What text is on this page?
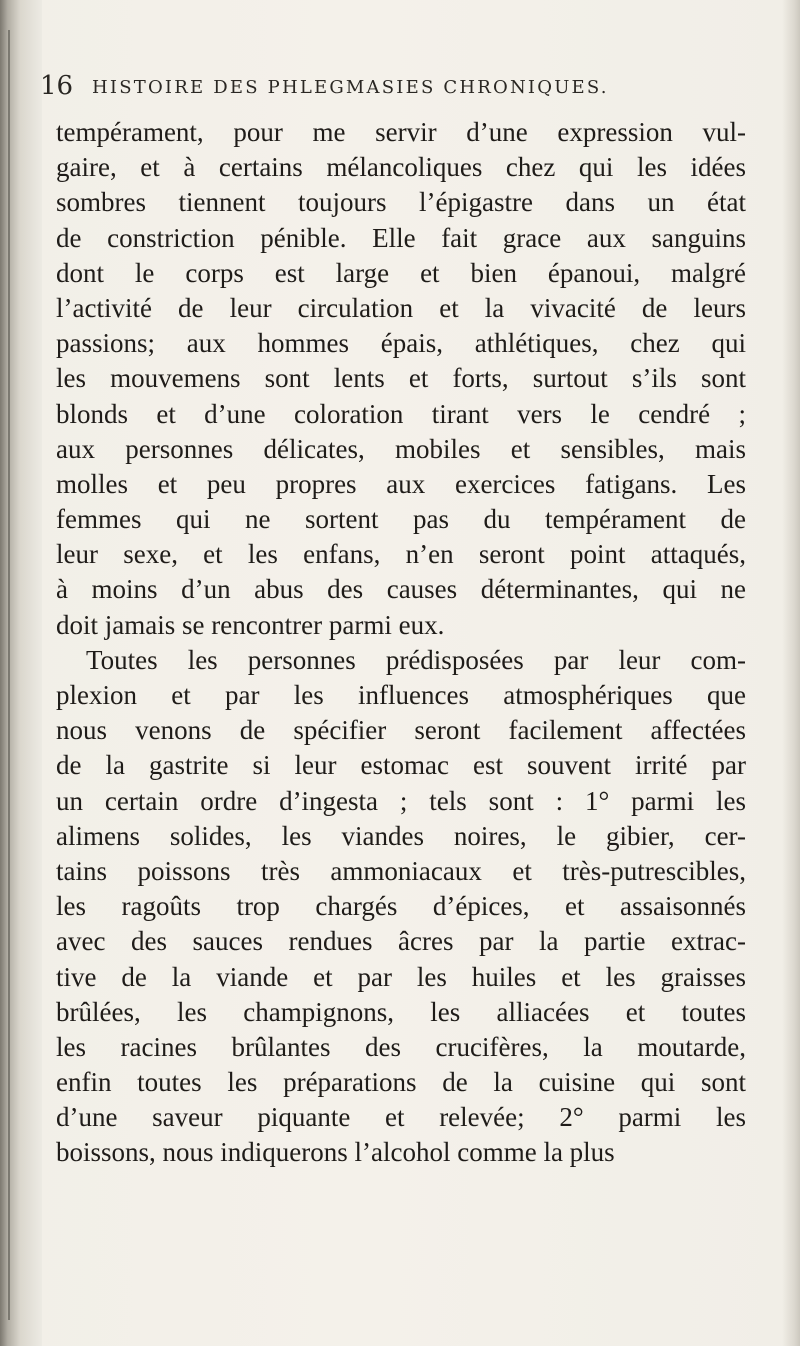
16 HISTOIRE DES PHLEGMASIES CHRONIQUES.
tempérament, pour me servir d’une expression vul-
gaire, et à certains mélancoliques chez qui les idées
sombres tiennent toujours l’épigastre dans un état
de constriction pénible. Elle fait grace aux sanguins
dont le corps est large et bien épanoui, malgré
l’activité de leur circulation et la vivacité de leurs
passions; aux hommes épais, athlétiques, chez qui
les mouvemens sont lents et forts, surtout s’ils sont
blonds et d’une coloration tirant vers le cendré ;
aux personnes délicates, mobiles et sensibles, mais
molles et peu propres aux exercices fatigans. Les
femmes qui ne sortent pas du tempérament de
leur sexe, et les enfans, n’en seront point attaqués,
à moins d’un abus des causes déterminantes, qui ne
doit jamais se rencontrer parmi eux.
Toutes les personnes prédisposées par leur com-
plexion et par les influences atmosphériques que
nous venons de spécifier seront facilement affectées
de la gastrite si leur estomac est souvent irrité par
un certain ordre d’ingesta ; tels sont : 1° parmi les
alimens solides, les viandes noires, le gibier, cer-
tains poissons très ammoniacaux et très-putrescibles,
les ragoûts trop chargés d’épices, et assaisonnés
avec des sauces rendues âcres par la partie extrac-
tive de la viande et par les huiles et les graisses
brûlées, les champignons, les alliacées et toutes
les racines brûlantes des crucifères, la moutarde,
enfin toutes les préparations de la cuisine qui sont
d’une saveur piquante et relevée; 2° parmi les
boissons, nous indiquerons l’alcohol comme la plus
